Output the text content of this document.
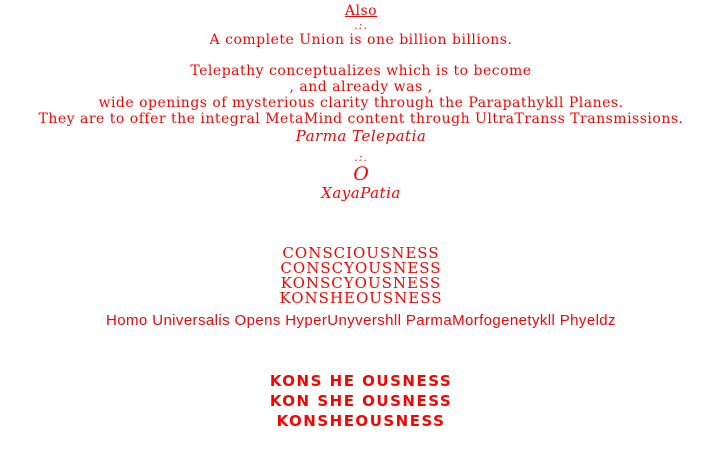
Also
.:.
A complete Union is one billion billions.
Telepathy conceptualizes which is to become
, and already was ,
wide openings of mysterious clarity through the Parapathykll Planes.
They are to offer the integral MetaMind content through UltraTranss Transmissions.
Parma Telepatia
.:.
O
XayaPatia
CONSCIOUSNESS
CONSCYOUSNESS
KONSCYOUSNESS
KONSHEOUSNESS
Homo Universalis Opens HyperUnyvershll ParmaMorfogenetykll Phyeldz
KONS HE OUSNESS
KON SHE OUSNESS
KONSHEOUSNESS
